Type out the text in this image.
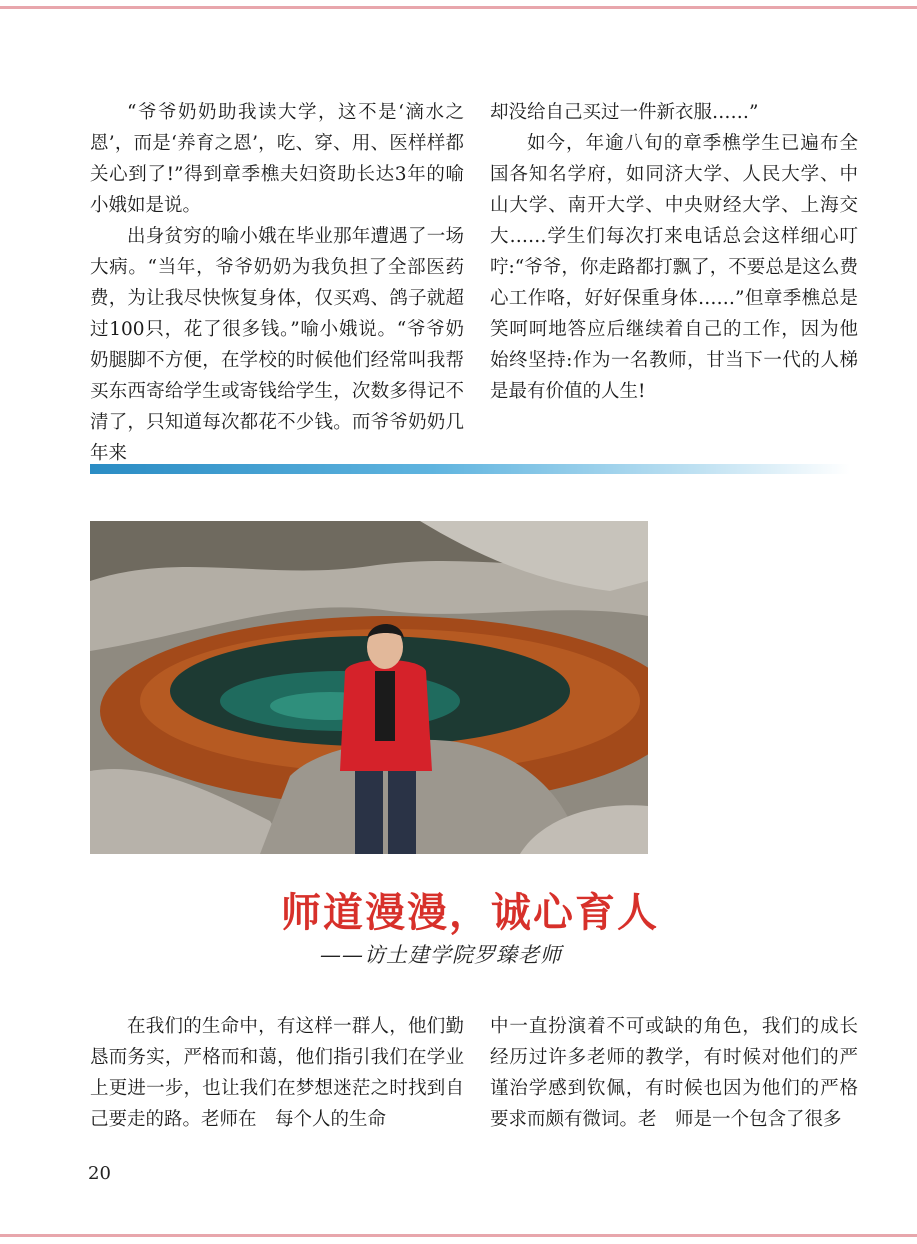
“爷爷奶奶助我读大学，这不是‘滴水之恩’，而是‘养育之恩’，吃、穿、用、医样样都关心到了!”得到章季樵夫妇资助长达3年的喻小娥如是说。

出身贫穷的喻小娥在毕业那年遭遇了一场大病。“当年，爷爷奶奶为我负担了全部医药费，为让我尽快恢复身体，仅买鸡、鸽子就超过100只，花了很多钱。”喻小娥说。“爷爷奶奶腿脚不方便，在学校的时候他们经常叫我帮买东西寄给学生或寄钱给学生，次数多得记不清了，只知道每次都花不少钱。而爷爷奶奶几年来

却没给自己买过一件新衣服……”

如今，年逾八旬的章季樵学生已遍布全国各知名学府，如同济大学、人民大学、中山大学、南开大学、中央财经大学、上海交大……学生们每次打来电话总会这样细心叮咛:“爷爷，你走路都打飘了，不要总是这么费心工作咯，好好保重身体……”但章季樵总是笑呵呵地答应后继续着自己的工作，因为他始终坚持:作为一名教师，甘当下一代的人梯是最有价值的人生!

师道漫漫，诚心育人
——访土建学院罗臻老师

在我们的生命中，有这样一群人，他们勤恳而务实，严格而和蔼，他们指引我们在学业上更进一步，也让我们在梦想迷茫之时找到自己要走的路。老师在　每个人的生命

中一直扮演着不可或缺的角色，我们的成长经历过许多老师的教学，有时候对他们的严谨治学感到钦佩，有时候也因为他们的严格要求而颇有微词。老　师是一个包含了很多

20
